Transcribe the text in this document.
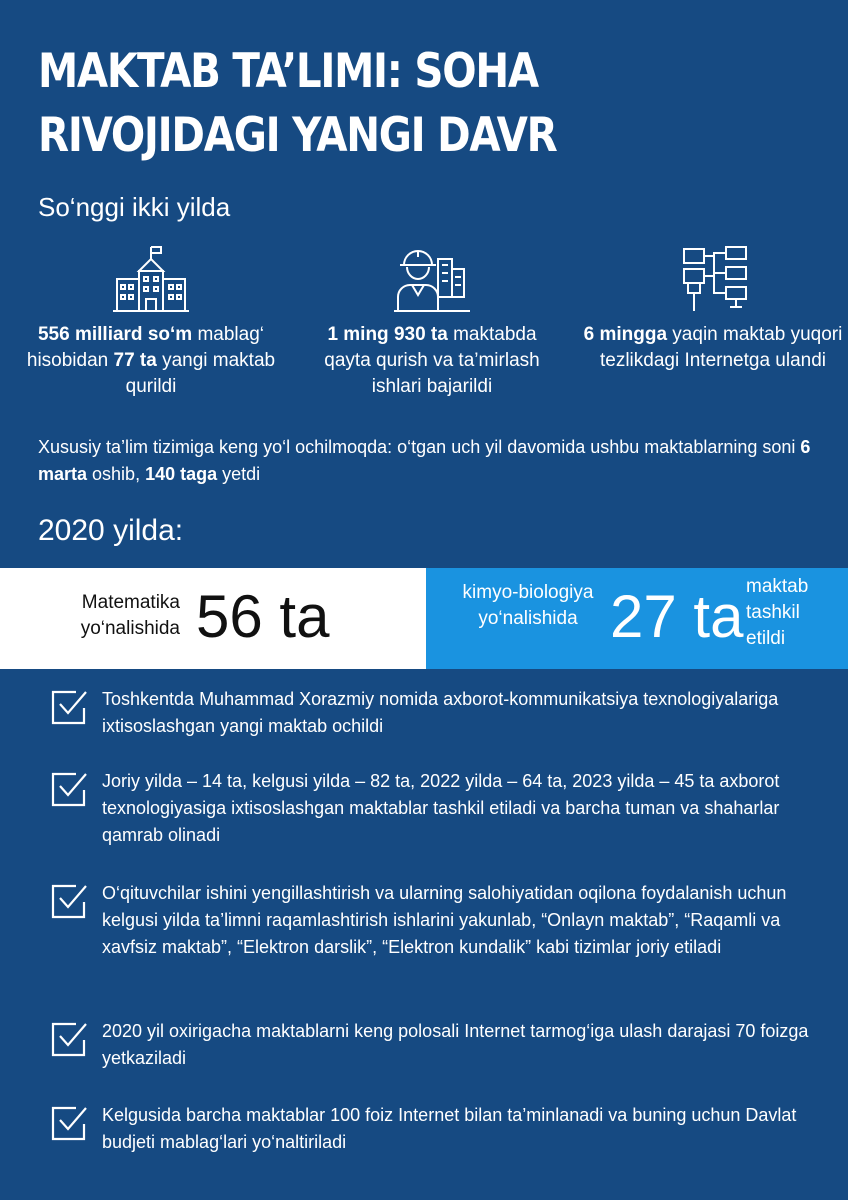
MAKTAB TA’LIMI: SOHA
RIVOJIDAGI YANGI DAVR
So‘nggi ikki yilda
556 milliard so‘m mablag‘ hisobidan 77 ta yangi maktab qurildi
1 ming 930 ta maktabda qayta qurish va ta’mirlash ishlari bajarildi
6 mingga yaqin maktab yuqori tezlikdagi Internetga ulandi
Xususiy ta’lim tizimiga keng yo‘l ochilmoqda: o‘tgan uch yil davomida ushbu maktablarning soni 6 marta oshib, 140 taga yetdi
2020 yilda:
Matematika yo‘nalishida 56 ta	kimyo-biologiya yo‘nalishida 27 ta maktab tashkil etildi
Toshkentda Muhammad Xorazmiy nomida axborot-kommunikatsiya texnologiyalariga ixtisoslashgan yangi maktab ochildi
Joriy yilda – 14 ta, kelgusi yilda – 82 ta, 2022 yilda – 64 ta, 2023 yilda – 45 ta axborot texnologiyasiga ixtisoslashgan maktablar tashkil etiladi va barcha tuman va shaharlar qamrab olinadi
O‘qituvchilar ishini yengillashtirish va ularning salohiyatidan oqilona foydalanish uchun kelgusi yilda ta’limni raqamlashtirish ishlarini yakunlab, “Onlayn maktab”, “Raqamli va xavfsiz maktab”, “Elektron darslik”, “Elektron kundalik” kabi tizimlar joriy etiladi
2020 yil oxirigacha maktablarni keng polosali Internet tarmog‘iga ulash darajasi 70 foizga yetkaziladi
Kelgusida barcha maktablar 100 foiz Internet bilan ta’minlanadi va buning uchun Davlat budjeti mablag‘lari yo‘naltiriladi
